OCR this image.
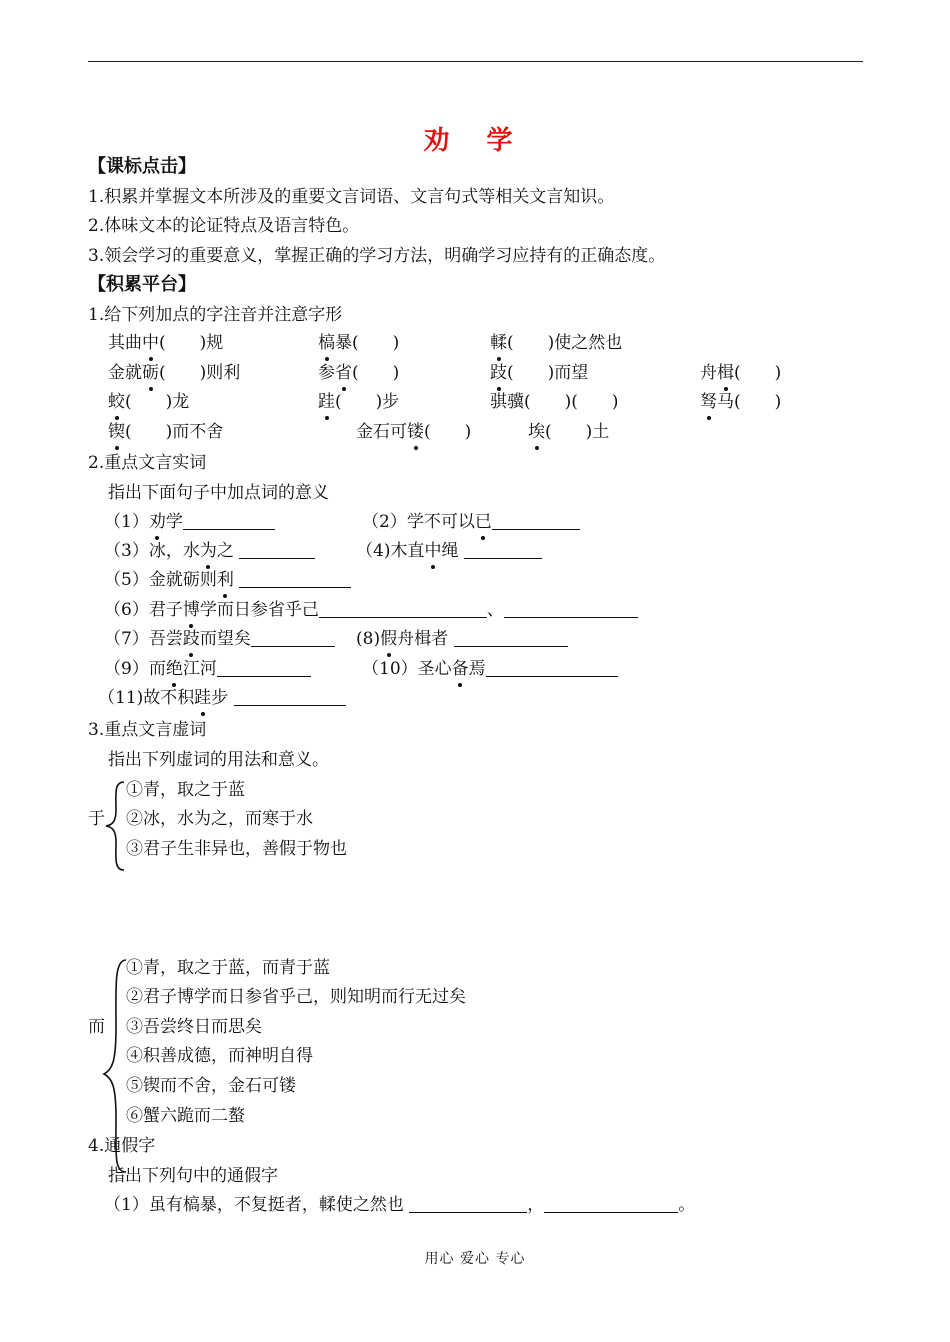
劝 学
【课标点击】
1.积累并掌握文本所涉及的重要文言词语、文言句式等相关文言知识。
2.体味文本的论证特点及语言特色。
3.领会学习的重要意义，掌握正确的学习方法，明确学习应持有的正确态度。
【积累平台】
1.给下列加点的字注音并注意字形
其曲中(　　)规	槁暴(　　)	輮(　　)使之然也
金就砺(　　)则利	参省(　　)	跂(　　)而望	舟楫(　　)
蛟(　　)龙	跬(　　)步	骐骥(　　)(　　)	驽马(　　)
锲(　　)而不舍	金石可镂(　　)	埃(　　)土
2.重点文言实词
指出下面句子中加点词的意义
（1）劝学	（2）学不可以已
（3）冰，水为之	（4)木直中绳
（5）金就砺则利
（6）君子博学而日参省乎己	、
（7）吾尝跂而望矣	(8)假舟楫者
（9）而绝江河	（10）圣心备焉
（11)故不积跬步
3.重点文言虚词
指出下列虚词的用法和意义。
于
①青，取之于蓝
②冰，水为之，而寒于水
③君子生非异也，善假于物也
而
①青，取之于蓝，而青于蓝
②君子博学而日参省乎己，则知明而行无过矣
③吾尝终日而思矣
④积善成德，而神明自得
⑤锲而不舍，金石可镂
⑥蟹六跪而二螯
4.通假字
指出下列句中的通假字
（1）虽有槁暴，不复挺者，輮使之然也	，	。
用心 爱心 专心
